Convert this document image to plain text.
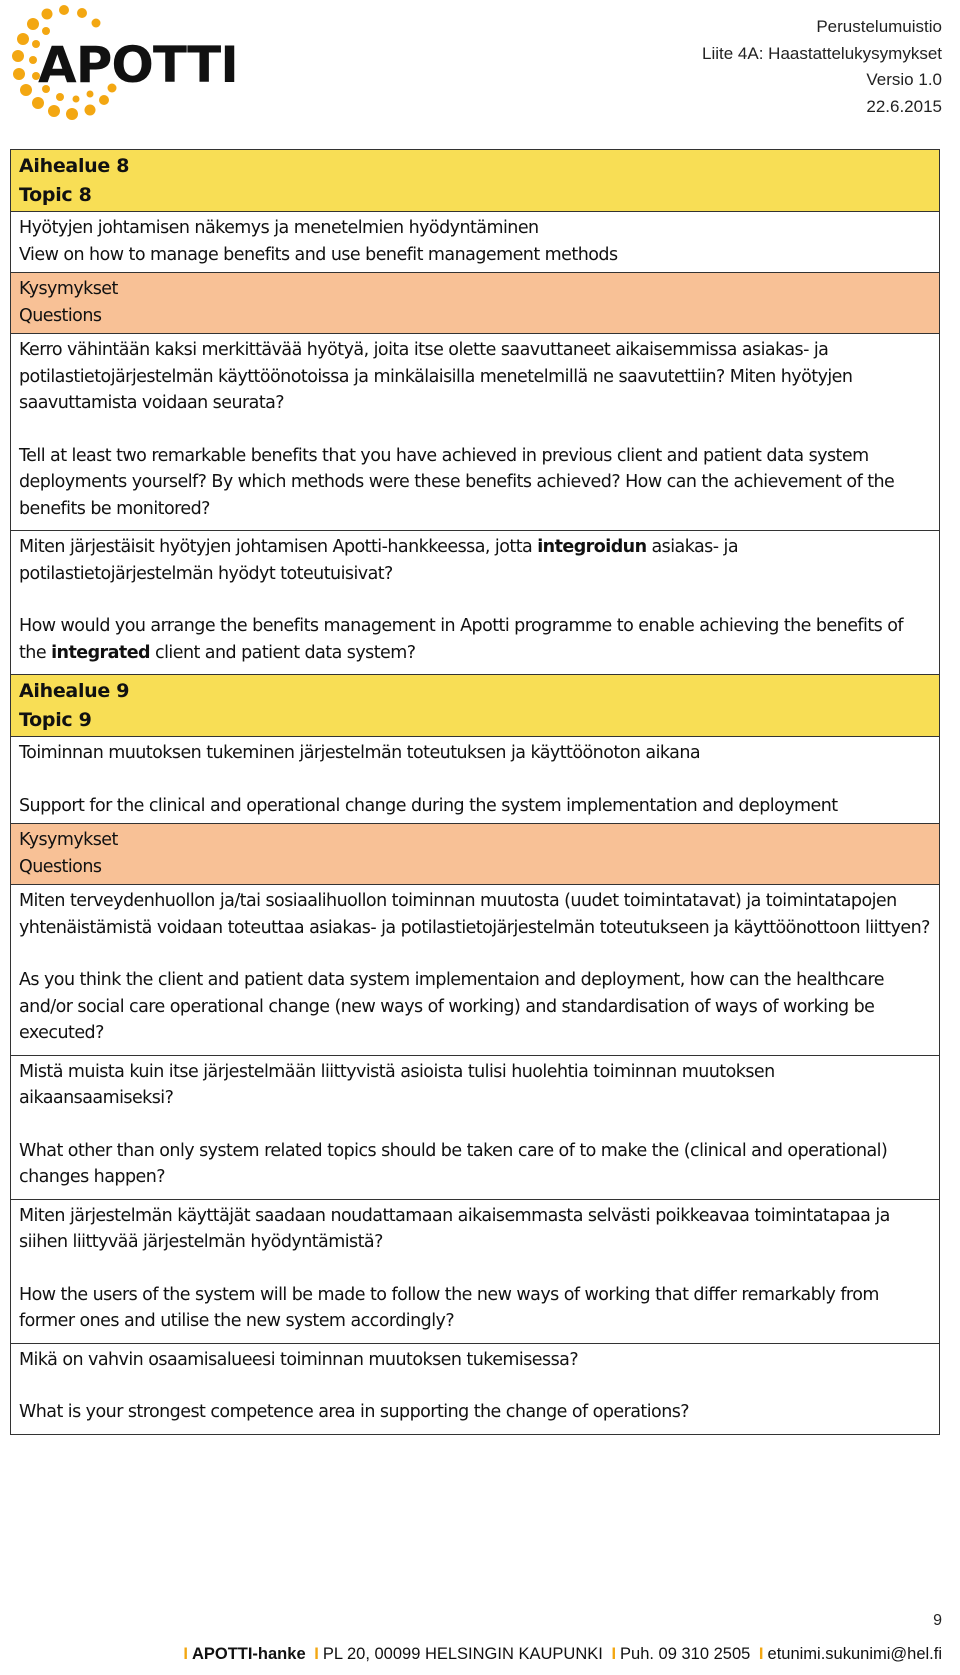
APOTTI
Perustelumuistio
Liite 4A: Haastattelukysymykset
Versio 1.0
22.6.2015
Aihealue 8
Topic 8
Hyötyjen johtamisen näkemys ja menetelmien hyödyntäminen
View on how to manage benefits and use benefit management methods
Kysymykset
Questions

Kerro vähintään kaksi merkittävää hyötyä, joita itse olette saavuttaneet aikaisemmissa asiakas- ja potilastietojärjestelmän käyttöönotoissa ja minkälaisilla menetelmillä ne saavutettiin? Miten hyötyjen saavuttamista voidaan seurata?

Tell at least two remarkable benefits that you have achieved in previous client and patient data system deployments yourself? By which methods were these benefits achieved? How can the achievement of the benefits be monitored?

Miten järjestäisit hyötyjen johtamisen Apotti-hankkeessa, jotta integroidun asiakas- ja potilastietojärjestelmän hyödyt toteutuisivat?

How would you arrange the benefits management in Apotti programme to enable achieving the benefits of the integrated client and patient data system?

Aihealue 9
Topic 9

Toiminnan muutoksen tukeminen järjestelmän toteutuksen ja käyttöönoton aikana

Support for the clinical and operational change during the system implementation and deployment

Kysymykset
Questions

Miten terveydenhuollon ja/tai sosiaalihuollon toiminnan muutosta (uudet toimintatavat) ja toimintatapojen yhtenäistämistä voidaan toteuttaa asiakas- ja potilastietojärjestelmän toteutukseen ja käyttöönottoon liittyen?

As you think the client and patient data system implementaion and deployment, how can the healthcare and/or social care operational change (new ways of working) and standardisation of ways of working be executed?

Mistä muista kuin itse järjestelmään liittyvistä asioista tulisi huolehtia toiminnan muutoksen aikaansaamiseksi?

What other than only system related topics should be taken care of to make the (clinical and operational) changes happen?

Miten järjestelmän käyttäjät saadaan noudattamaan aikaisemmasta selvästi poikkeavaa toimintatapaa ja siihen liittyvää järjestelmän hyödyntämistä?

How the users of the system will be made to follow the new ways of working that differ remarkably from former ones and utilise the new system accordingly?

Mikä on vahvin osaamisalueesi toiminnan muutoksen tukemisessa?

What is your strongest competence area in supporting the change of operations?

9
I APOTTI-hanke I PL 20, 00099 HELSINGIN KAUPUNKI I Puh. 09 310 2505 I etunimi.sukunimi@hel.fi
